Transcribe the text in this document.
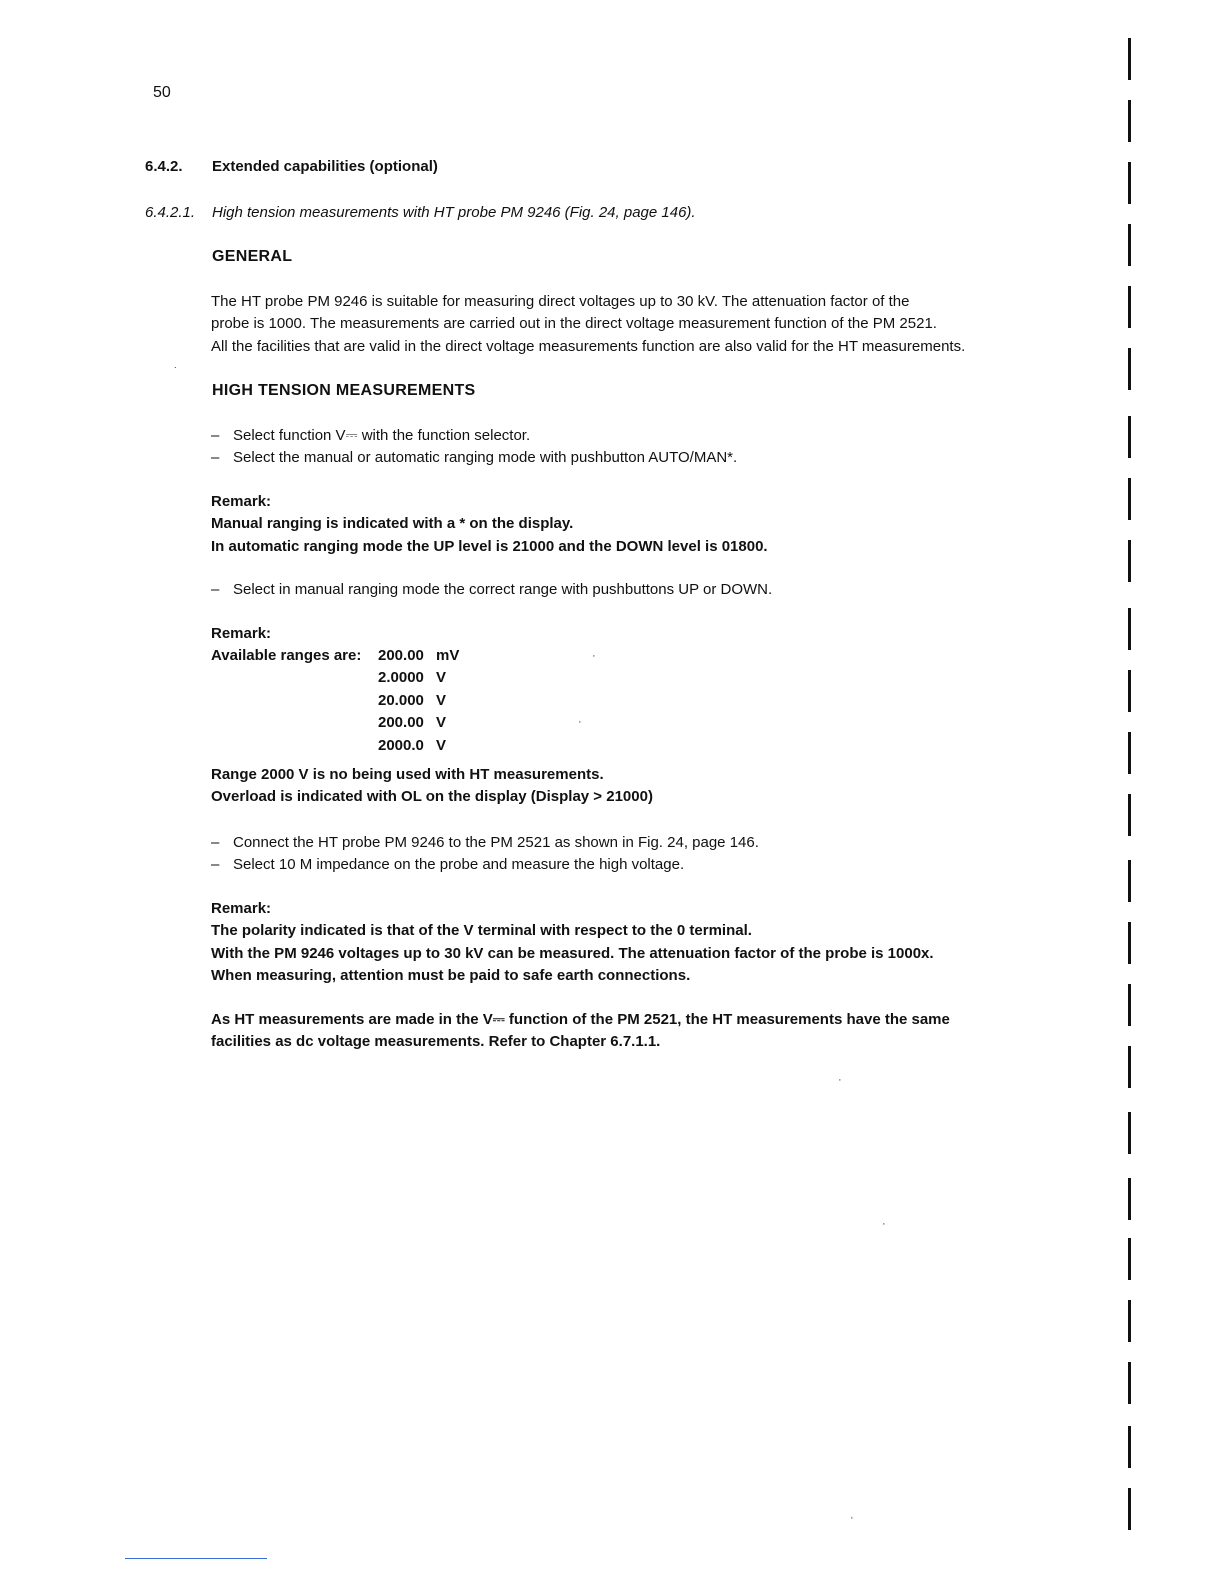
50
6.4.2. Extended capabilities (optional)
6.4.2.1. High tension measurements with HT probe PM 9246 (Fig. 24, page 146).
GENERAL
The HT probe PM 9246 is suitable for measuring direct voltages up to 30 kV. The attenuation factor of the
probe is 1000. The measurements are carried out in the direct voltage measurement function of the PM 2521.
All the facilities that are valid in the direct voltage measurements function are also valid for the HT measurements.
HIGH TENSION MEASUREMENTS
– Select function V⎓ with the function selector.
– Select the manual or automatic ranging mode with pushbutton AUTO/MAN*.
Remark:
Manual ranging is indicated with a * on the display.
In automatic ranging mode the UP level is 21000 and the DOWN level is 01800.
– Select in manual ranging mode the correct range with pushbuttons UP or DOWN.
Remark:
Available ranges are: 200.00 mV
2.0000 V
20.000 V
200.00 V
2000.0 V
Range 2000 V is no being used with HT measurements.
Overload is indicated with OL on the display (Display > 21000)
– Connect the HT probe PM 9246 to the PM 2521 as shown in Fig. 24, page 146.
– Select 10 M impedance on the probe and measure the high voltage.
Remark:
The polarity indicated is that of the V terminal with respect to the 0 terminal.
With the PM 9246 voltages up to 30 kV can be measured. The attenuation factor of the probe is 1000x.
When measuring, attention must be paid to safe earth connections.
As HT measurements are made in the V⎓ function of the PM 2521, the HT measurements have the same
facilities as dc voltage measurements. Refer to Chapter 6.7.1.1.
˙
·
·
·
·
·
